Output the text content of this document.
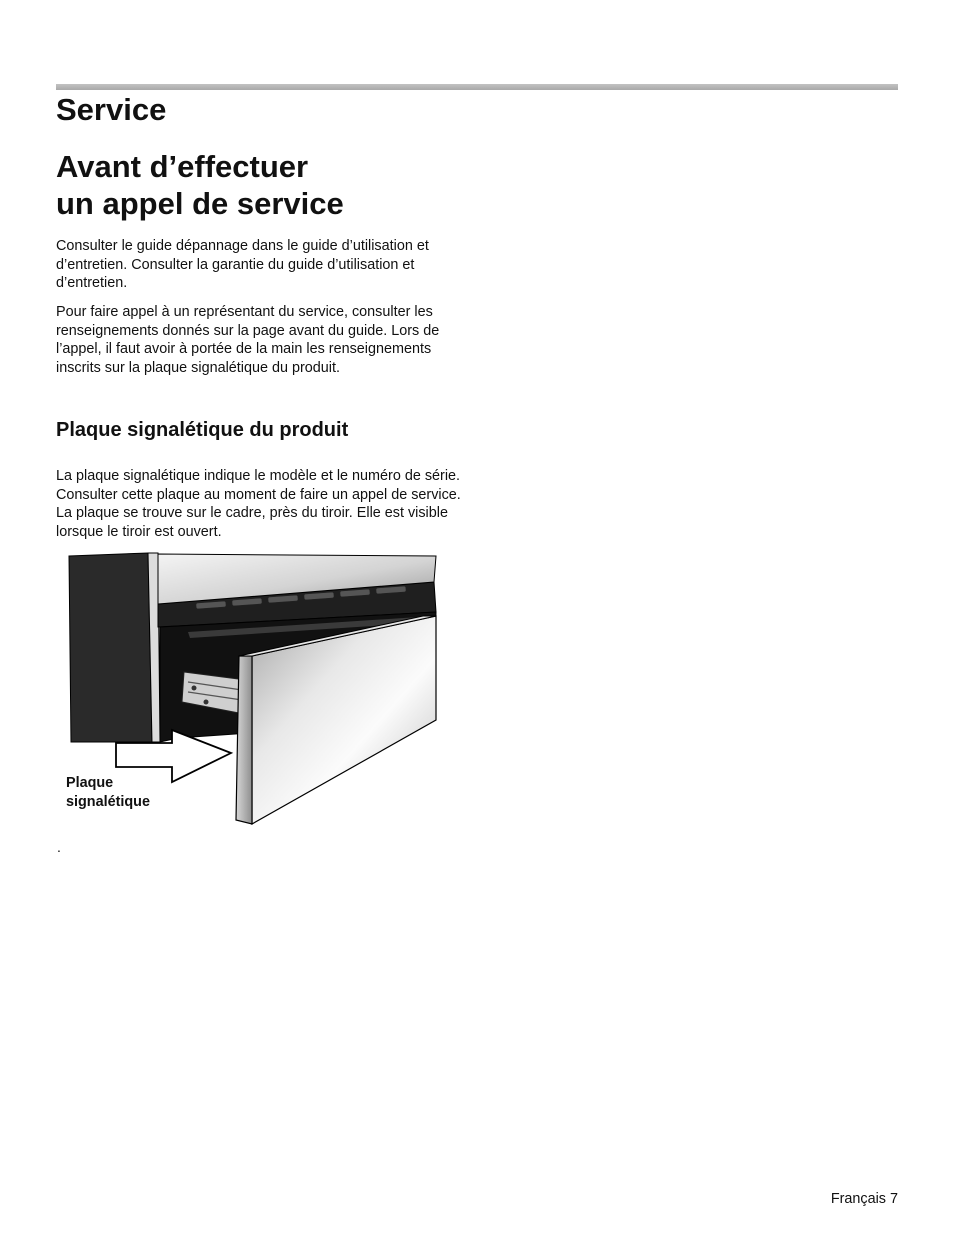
Service
Avant d’effectuer
un appel de service

Consulter le guide dépannage dans le guide d’utilisation et d’entretien. Consulter la garantie du guide d’utilisation et d’entretien.

Pour faire appel à un représentant du service, consulter les renseignements donnés sur la page avant du guide. Lors de l’appel, il faut avoir à portée de la main les renseignements inscrits sur la plaque signalétique du produit.

Plaque signalétique du produit

La plaque signalétique indique le modèle et le numéro de série. Consulter cette plaque au moment de faire un appel de service. La plaque se trouve sur le cadre, près du tiroir. Elle est visible lorsque le tiroir est ouvert.

Plaque
signalétique
.
Français 7
